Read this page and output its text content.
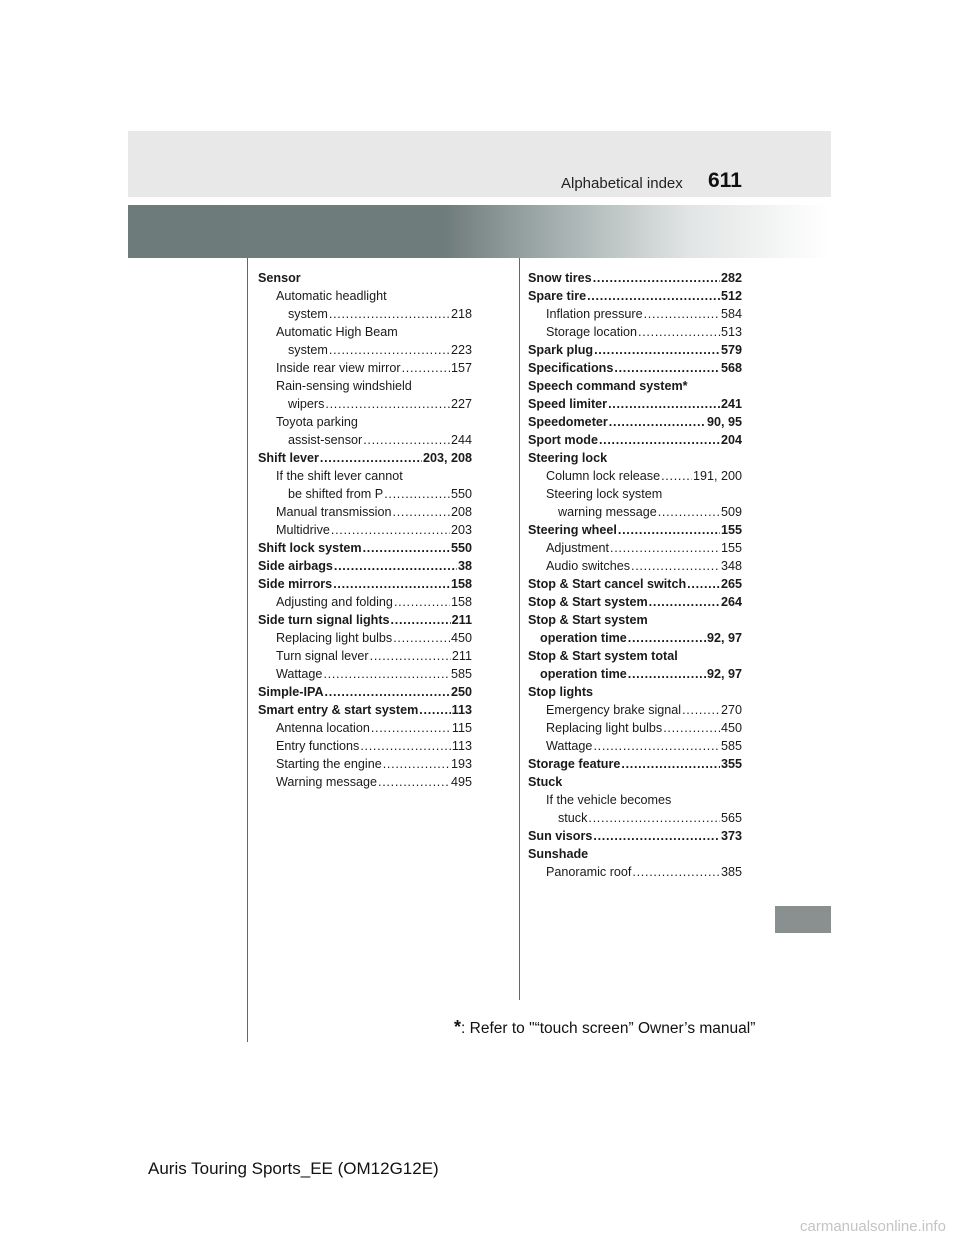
Alphabetical index 611
Sensor
Automatic headlight
system . . .	218
Automatic High Beam
system . . .	223
Inside rear view mirror . . .	157
Rain-sensing windshield
wipers . . .	227
Toyota parking
assist-sensor . . .	244
Shift lever . . .	203, 208
If the shift lever cannot
be shifted from P . . .	550
Manual transmission . . .	208
Multidrive . . .	203
Shift lock system . . .	550
Side airbags . . .	38
Side mirrors . . .	158
Adjusting and folding . . .	158
Side turn signal lights . . .	211
Replacing light bulbs . . .	450
Turn signal lever . . .	211
Wattage . . .	585
Simple-IPA . . .	250
Smart entry & start system . . .	113
Antenna location . . .	115
Entry functions . . .	113
Starting the engine . . .	193
Warning message . . .	495
Snow tires . . .	282
Spare tire . . .	512
Inflation pressure . . .	584
Storage location . . .	513
Spark plug . . .	579
Specifications . . .	568
Speech command system*
Speed limiter . . .	241
Speedometer . . .	90, 95
Sport mode . . .	204
Steering lock
Column lock release . . .	191, 200
Steering lock system
warning message . . .	509
Steering wheel . . .	155
Adjustment . . .	155
Audio switches . . .	348
Stop & Start cancel switch . . .	265
Stop & Start system . . .	264
Stop & Start system
operation time . . .	92, 97
Stop & Start system total
operation time . . .	92, 97
Stop lights
Emergency brake signal . . .	270
Replacing light bulbs . . .	450
Wattage . . .	585
Storage feature . . .	355
Stuck
If the vehicle becomes
stuck . . .	565
Sun visors . . .	373
Sunshade
Panoramic roof . . .	385
*: Refer to "“touch screen” Owner’s manual”
Auris Touring Sports_EE (OM12G12E)
carmanualsonline.info
